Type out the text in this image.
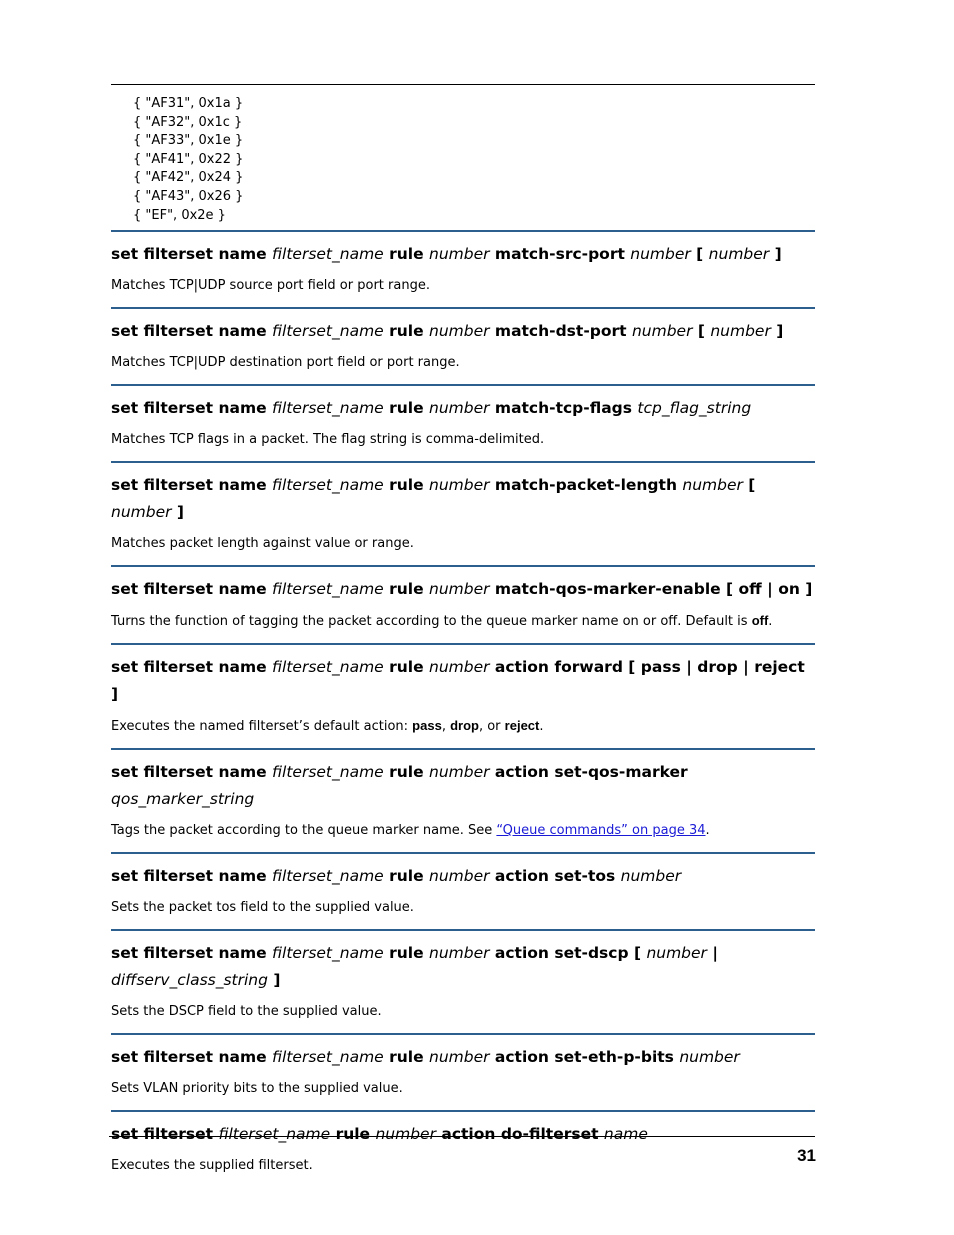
{ "AF31", 0x1a }
{ "AF32", 0x1c }
{ "AF33", 0x1e }
{ "AF41", 0x22 }
{ "AF42", 0x24 }
{ "AF43", 0x26 }
{ "EF", 0x2e }

set filterset name filterset_name rule number match-src-port number [ number ]

Matches TCP|UDP source port field or port range.

set filterset name filterset_name rule number match-dst-port number [ number ]

Matches TCP|UDP destination port field or port range.

set filterset name filterset_name rule number match-tcp-flags tcp_flag_string

Matches TCP flags in a packet. The flag string is comma-delimited.

set filterset name filterset_name rule number match-packet-length number [ number ]

Matches packet length against value or range.

set filterset name filterset_name rule number match-qos-marker-enable [ off | on ]

Turns the function of tagging the packet according to the queue marker name on or off. Default is off.

set filterset name filterset_name rule number action forward [ pass | drop | reject ]

Executes the named filterset’s default action: pass, drop, or reject.

set filterset name filterset_name rule number action set-qos-marker qos_marker_string

Tags the packet according to the queue marker name. See “Queue commands” on page 34.

set filterset name filterset_name rule number action set-tos number

Sets the packet tos field to the supplied value.

set filterset name filterset_name rule number action set-dscp [ number |
diffserv_class_string ]

Sets the DSCP field to the supplied value.

set filterset name filterset_name rule number action set-eth-p-bits number

Sets VLAN priority bits to the supplied value.

set filterset filterset_name rule number action do-filterset name

Executes the supplied filterset.

31
